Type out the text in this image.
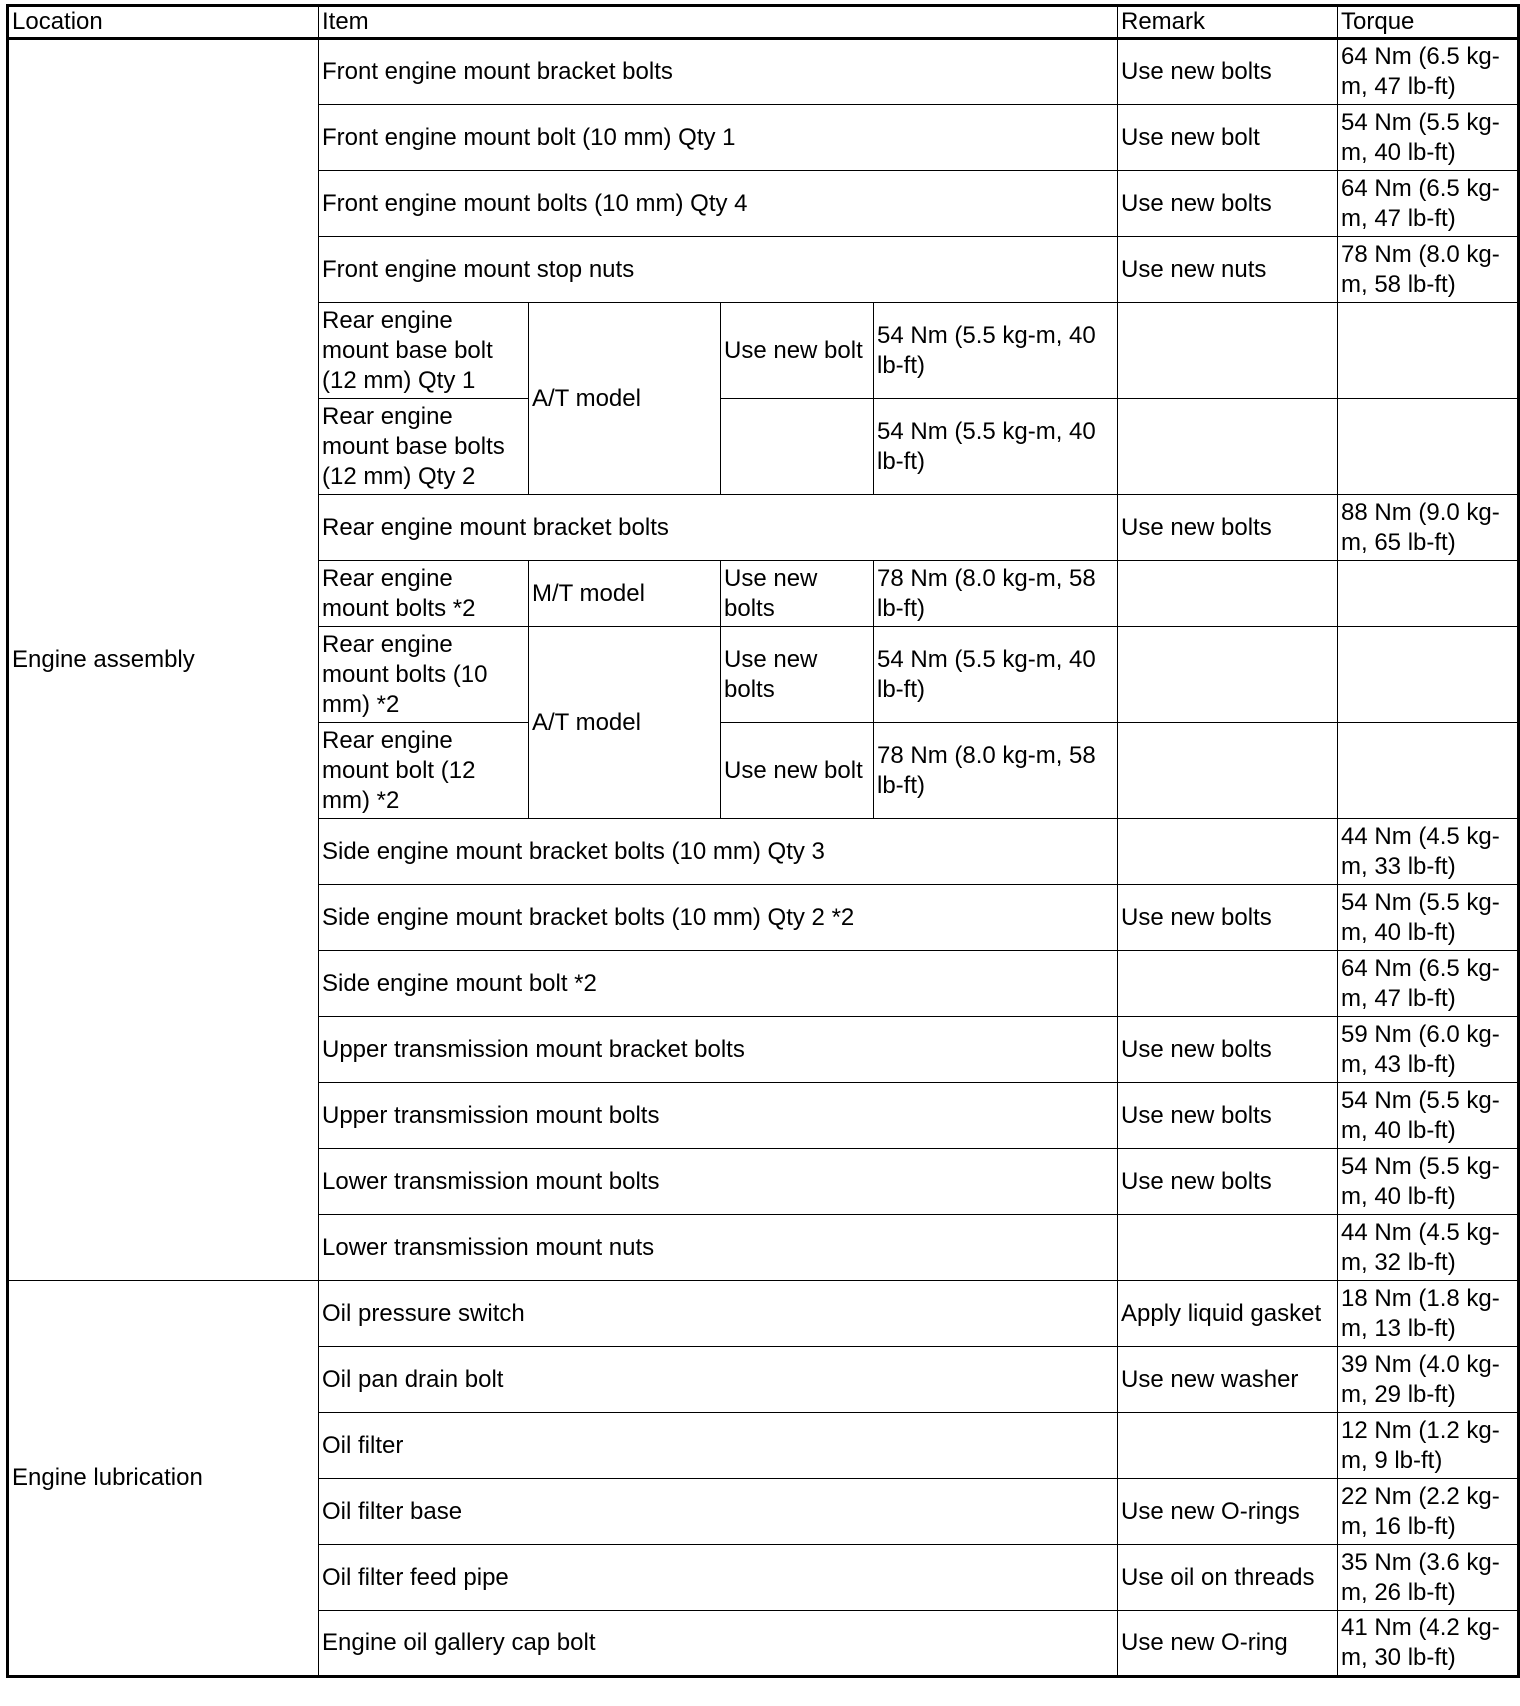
Location	Item				Remark	Torque
Engine assembly	Front engine mount bracket bolts				Use new bolts	64 Nm (6.5 kg-m, 47 lb-ft)
	Front engine mount bolt (10 mm) Qty 1				Use new bolt	54 Nm (5.5 kg-m, 40 lb-ft)
	Front engine mount bolts (10 mm) Qty 4				Use new bolts	64 Nm (6.5 kg-m, 47 lb-ft)
	Front engine mount stop nuts				Use new nuts	78 Nm (8.0 kg-m, 58 lb-ft)
	Rear engine mount base bolt (12 mm) Qty 1	A/T model	Use new bolt	54 Nm (5.5 kg-m, 40 lb-ft)		
	Rear engine mount base bolts (12 mm) Qty 2			54 Nm (5.5 kg-m, 40 lb-ft)		
	Rear engine mount bracket bolts				Use new bolts	88 Nm (9.0 kg-m, 65 lb-ft)
	Rear engine mount bolts *2	M/T model	Use new bolts	78 Nm (8.0 kg-m, 58 lb-ft)		
	Rear engine mount bolts (10 mm) *2	A/T model	Use new bolts	54 Nm (5.5 kg-m, 40 lb-ft)		
	Rear engine mount bolt (12 mm) *2		Use new bolt	78 Nm (8.0 kg-m, 58 lb-ft)		
	Side engine mount bracket bolts (10 mm) Qty 3					44 Nm (4.5 kg-m, 33 lb-ft)
	Side engine mount bracket bolts (10 mm) Qty 2 *2				Use new bolts	54 Nm (5.5 kg-m, 40 lb-ft)
	Side engine mount bolt *2					64 Nm (6.5 kg-m, 47 lb-ft)
	Upper transmission mount bracket bolts				Use new bolts	59 Nm (6.0 kg-m, 43 lb-ft)
	Upper transmission mount bolts				Use new bolts	54 Nm (5.5 kg-m, 40 lb-ft)
	Lower transmission mount bolts				Use new bolts	54 Nm (5.5 kg-m, 40 lb-ft)
	Lower transmission mount nuts					44 Nm (4.5 kg-m, 32 lb-ft)
Engine lubrication	Oil pressure switch				Apply liquid gasket	18 Nm (1.8 kg-m, 13 lb-ft)
	Oil pan drain bolt				Use new washer	39 Nm (4.0 kg-m, 29 lb-ft)
	Oil filter					12 Nm (1.2 kg-m, 9 lb-ft)
	Oil filter base				Use new O-rings	22 Nm (2.2 kg-m, 16 lb-ft)
	Oil filter feed pipe				Use oil on threads	35 Nm (3.6 kg-m, 26 lb-ft)
	Engine oil gallery cap bolt				Use new O-ring	41 Nm (4.2 kg-m, 30 lb-ft)
